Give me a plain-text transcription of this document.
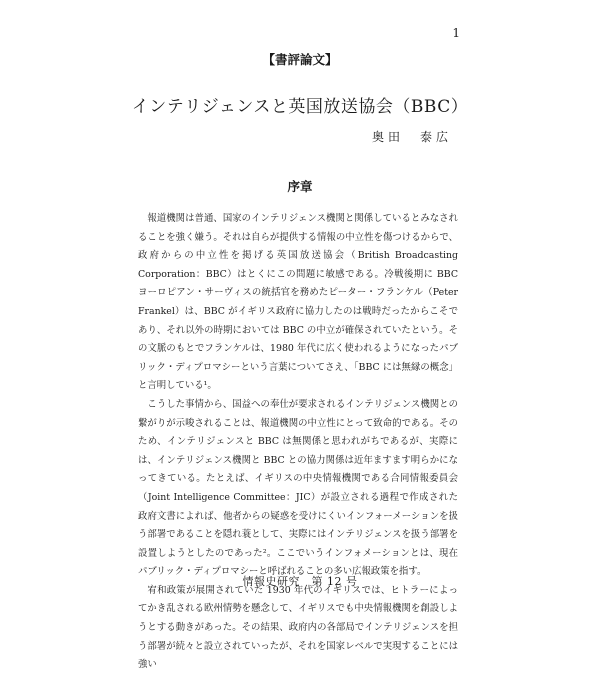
1
【書評論文】
インテリジェンスと英国放送協会（BBC）
奥田　泰広
序章

報道機関は普通、国家のインテリジェンス機関と関係しているとみなされることを強く嫌う。それは自らが提供する情報の中立性を傷つけるからで、政府からの中立性を掲げる英国放送協会（British Broadcasting Corporation：BBC）はとくにこの問題に敏感である。冷戦後期に BBC ヨーロピアン・サーヴィスの統括官を務めたピーター・フランケル（Peter Frankel）は、BBC がイギリス政府に協力したのは戦時だったからこそであり、それ以外の時期においては BBC の中立が確保されていたという。その文脈のもとでフランケルは、1980 年代に広く使われるようになったパブリック・ディプロマシーという言葉についてさえ、「BBC には無縁の概念」と言明している¹。

こうした事情から、国益への奉仕が要求されるインテリジェンス機関との繋がりが示唆されることは、報道機関の中立性にとって致命的である。そのため、インテリジェンスと BBC は無関係と思われがちであるが、実際には、インテリジェンス機関と BBC との協力関係は近年ますます明らかになってきている。たとえば、イギリスの中央情報機関である合同情報委員会（Joint Intelligence Committee：JIC）が設立される過程で作成された政府文書によれば、他者からの疑惑を受けにくいインフォーメーションを扱う部署であることを隠れ蓑として、実際にはインテリジェンスを扱う部署を設置しようとしたのであった²。ここでいうインフォメーションとは、現在パブリック・ディプロマシーと呼ばれることの多い広報政策を指す。

宥和政策が展開されていた 1930 年代のイギリスでは、ヒトラーによってかき乱される欧州情勢を懸念して、イギリスでも中央情報機関を創設しようとする動きがあった。その結果、政府内の各部局でインテリジェンスを担う部署が続々と設立されていったが、それを国家レベルで実現することには強い

情報史研究　第 12 号
